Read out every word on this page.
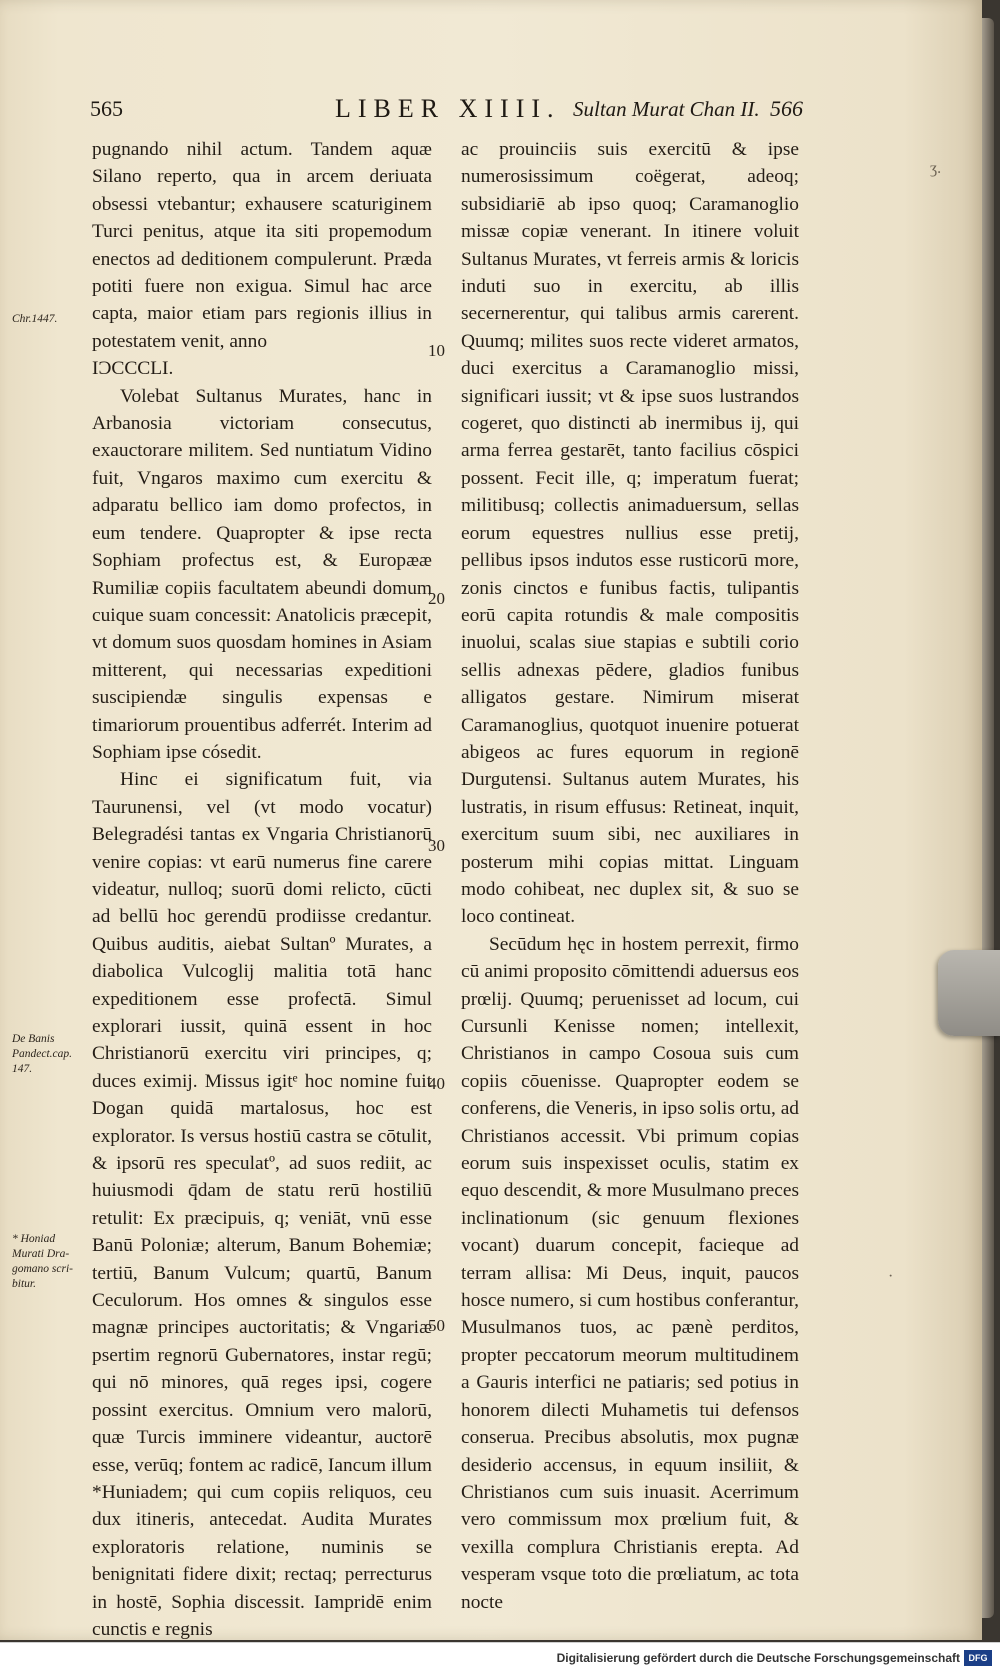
565	LIBER XIIII. Sultan Murat Chan II. 566
Chr.1447.
De Banis
Pandect.cap.
147.
* Honiad
Murati Dra-
gomano scri-
bitur.
10
20
30
40
50

pugnando nihil actum. Tandem aquæ Silano reperto, qua in arcem deriuata obsessi vtebantur; exhausere scaturiginem Turci penitus, atque ita siti propemodum enectos ad deditionem compulerunt. Præda potiti fuere non exigua. Simul hac arce capta, maior etiam pars regionis illius in potestatem venit, anno

ΙϽϹϹϹLI.

Volebat Sultanus Murates, hanc in Arbanosia victoriam consecutus, exauctorare militem. Sed nuntiatum Vidino fuit, Vngaros maximo cum exercitu & adparatu bellico iam domo profectos, in eum tendere. Quapropter & ipse recta Sophiam profectus est, & Europææ Rumiliæ copiis facultatem abeundi domum cuique suam concessit: Anatolicis præcepit, vt domum suos quosdam homines in Asiam mitterent, qui necessarias expeditioni suscipiendæ singulis expensas e timariorum prouentibus adferrét. Interim ad Sophiam ipse cósedit.

Hinc ei significatum fuit, via Taurunensi, vel (vt modo vocatur) Belegradési tantas ex Vngaria Christianorū venire copias: vt earū numerus fine carere videatur, nulloq; suorū domi relicto, cūcti ad bellū hoc gerendū prodiisse credantur. Quibus auditis, aiebat Sultanº Murates, a diabolica Vulcoglij malitia totā hanc expeditionem esse profectā. Simul explorari iussit, quinā essent in hoc Christianorū exercitu viri principes, q; duces eximij. Missus igitᵉ hoc nomine fuit Dogan quidā martalosus, hoc est explorator. Is versus hostiū castra se cōtulit, & ipsorū res speculatº, ad suos rediit, ac huiusmodi q̄dam de statu rerū hostiliū retulit: Ex præcipuis, q; veniāt, vnū esse Banū Poloniæ; alterum, Banum Bohemiæ; tertiū, Banum Vulcum; quartū, Banum Ceculorum. Hos omnes & singulos esse magnæ principes auctoritatis; & Vngariæ psertim regnorū Gubernatores, instar regū; qui nō minores, quā reges ipsi, cogere possint exercitus. Omnium vero malorū, quæ Turcis imminere videantur, auctorē esse, verūq; fontem ac radicē, Iancum illum *Huniadem; qui cum copiis reliquos, ceu dux itineris, antecedat. Audita Murates exploratoris relatione, numinis se benignitati fidere dixit; rectaq; perrecturus in hostē, Sophia discessit. Iampridē enim cunctis e regnis

ac prouinciis suis exercitū & ipse numerosissimum coëgerat, adeoq; subsidiariē ab ipso quoq; Caramanoglio missæ copiæ venerant. In itinere voluit Sultanus Murates, vt ferreis armis & loricis induti suo in exercitu, ab illis secernerentur, qui talibus armis carerent. Quumq; milites suos recte videret armatos, duci exercitus a Caramanoglio missi, significari iussit; vt & ipse suos lustrandos cogeret, quo distincti ab inermibus ij, qui arma ferrea gestarēt, tanto facilius cōspici possent. Fecit ille, q; imperatum fuerat; militibusq; collectis animaduersum, sellas eorum equestres nullius esse pretij, pellibus ipsos indutos esse rusticorū more, zonis cinctos e funibus factis, tulipantis eorū capita rotundis & male compositis inuolui, scalas siue stapias e subtili corio sellis adnexas pēdere, gladios funibus alligatos gestare. Nimirum miserat Caramanoglius, quotquot inuenire potuerat abigeos ac fures equorum in regionē Durgutensi. Sultanus autem Murates, his lustratis, in risum effusus: Retineat, inquit, exercitum suum sibi, nec auxiliares in posterum mihi copias mittat. Linguam modo cohibeat, nec duplex sit, & suo se loco contineat.

Secūdum hęc in hostem perrexit, firmo cū animi proposito cōmittendi aduersus eos prœlij. Quumq; peruenisset ad locum, cui Cursunli Kenisse nomen; intellexit, Christianos in campo Cosoua suis cum copiis cōuenisse. Quapropter eodem se conferens, die Veneris, in ipso solis ortu, ad Christianos accessit. Vbi primum copias eorum suis inspexisset oculis, statim ex equo descendit, & more Musulmano preces inclinationum (sic genuum flexiones vocant) duarum concepit, facieque ad terram allisa: Mi Deus, inquit, paucos hosce numero, si cum hostibus conferantur, Musulmanos tuos, ac pænè perditos, propter peccatorum meorum multitudinem a Gauris interfici ne patiaris; sed potius in honorem dilecti Muhametis tui defensos conserua. Precibus absolutis, mox pugnæ desiderio accensus, in equum insiliit, & Christianos cum suis inuasit. Acerrimum vero commissum mox prœlium fuit, & vexilla complura Christianis erepta. Ad vesperam vsque toto die prœliatum, ac tota nocte

ʒ.
·
Digitalisierung gefördert durch die Deutsche Forschungsgemeinschaft DFG
